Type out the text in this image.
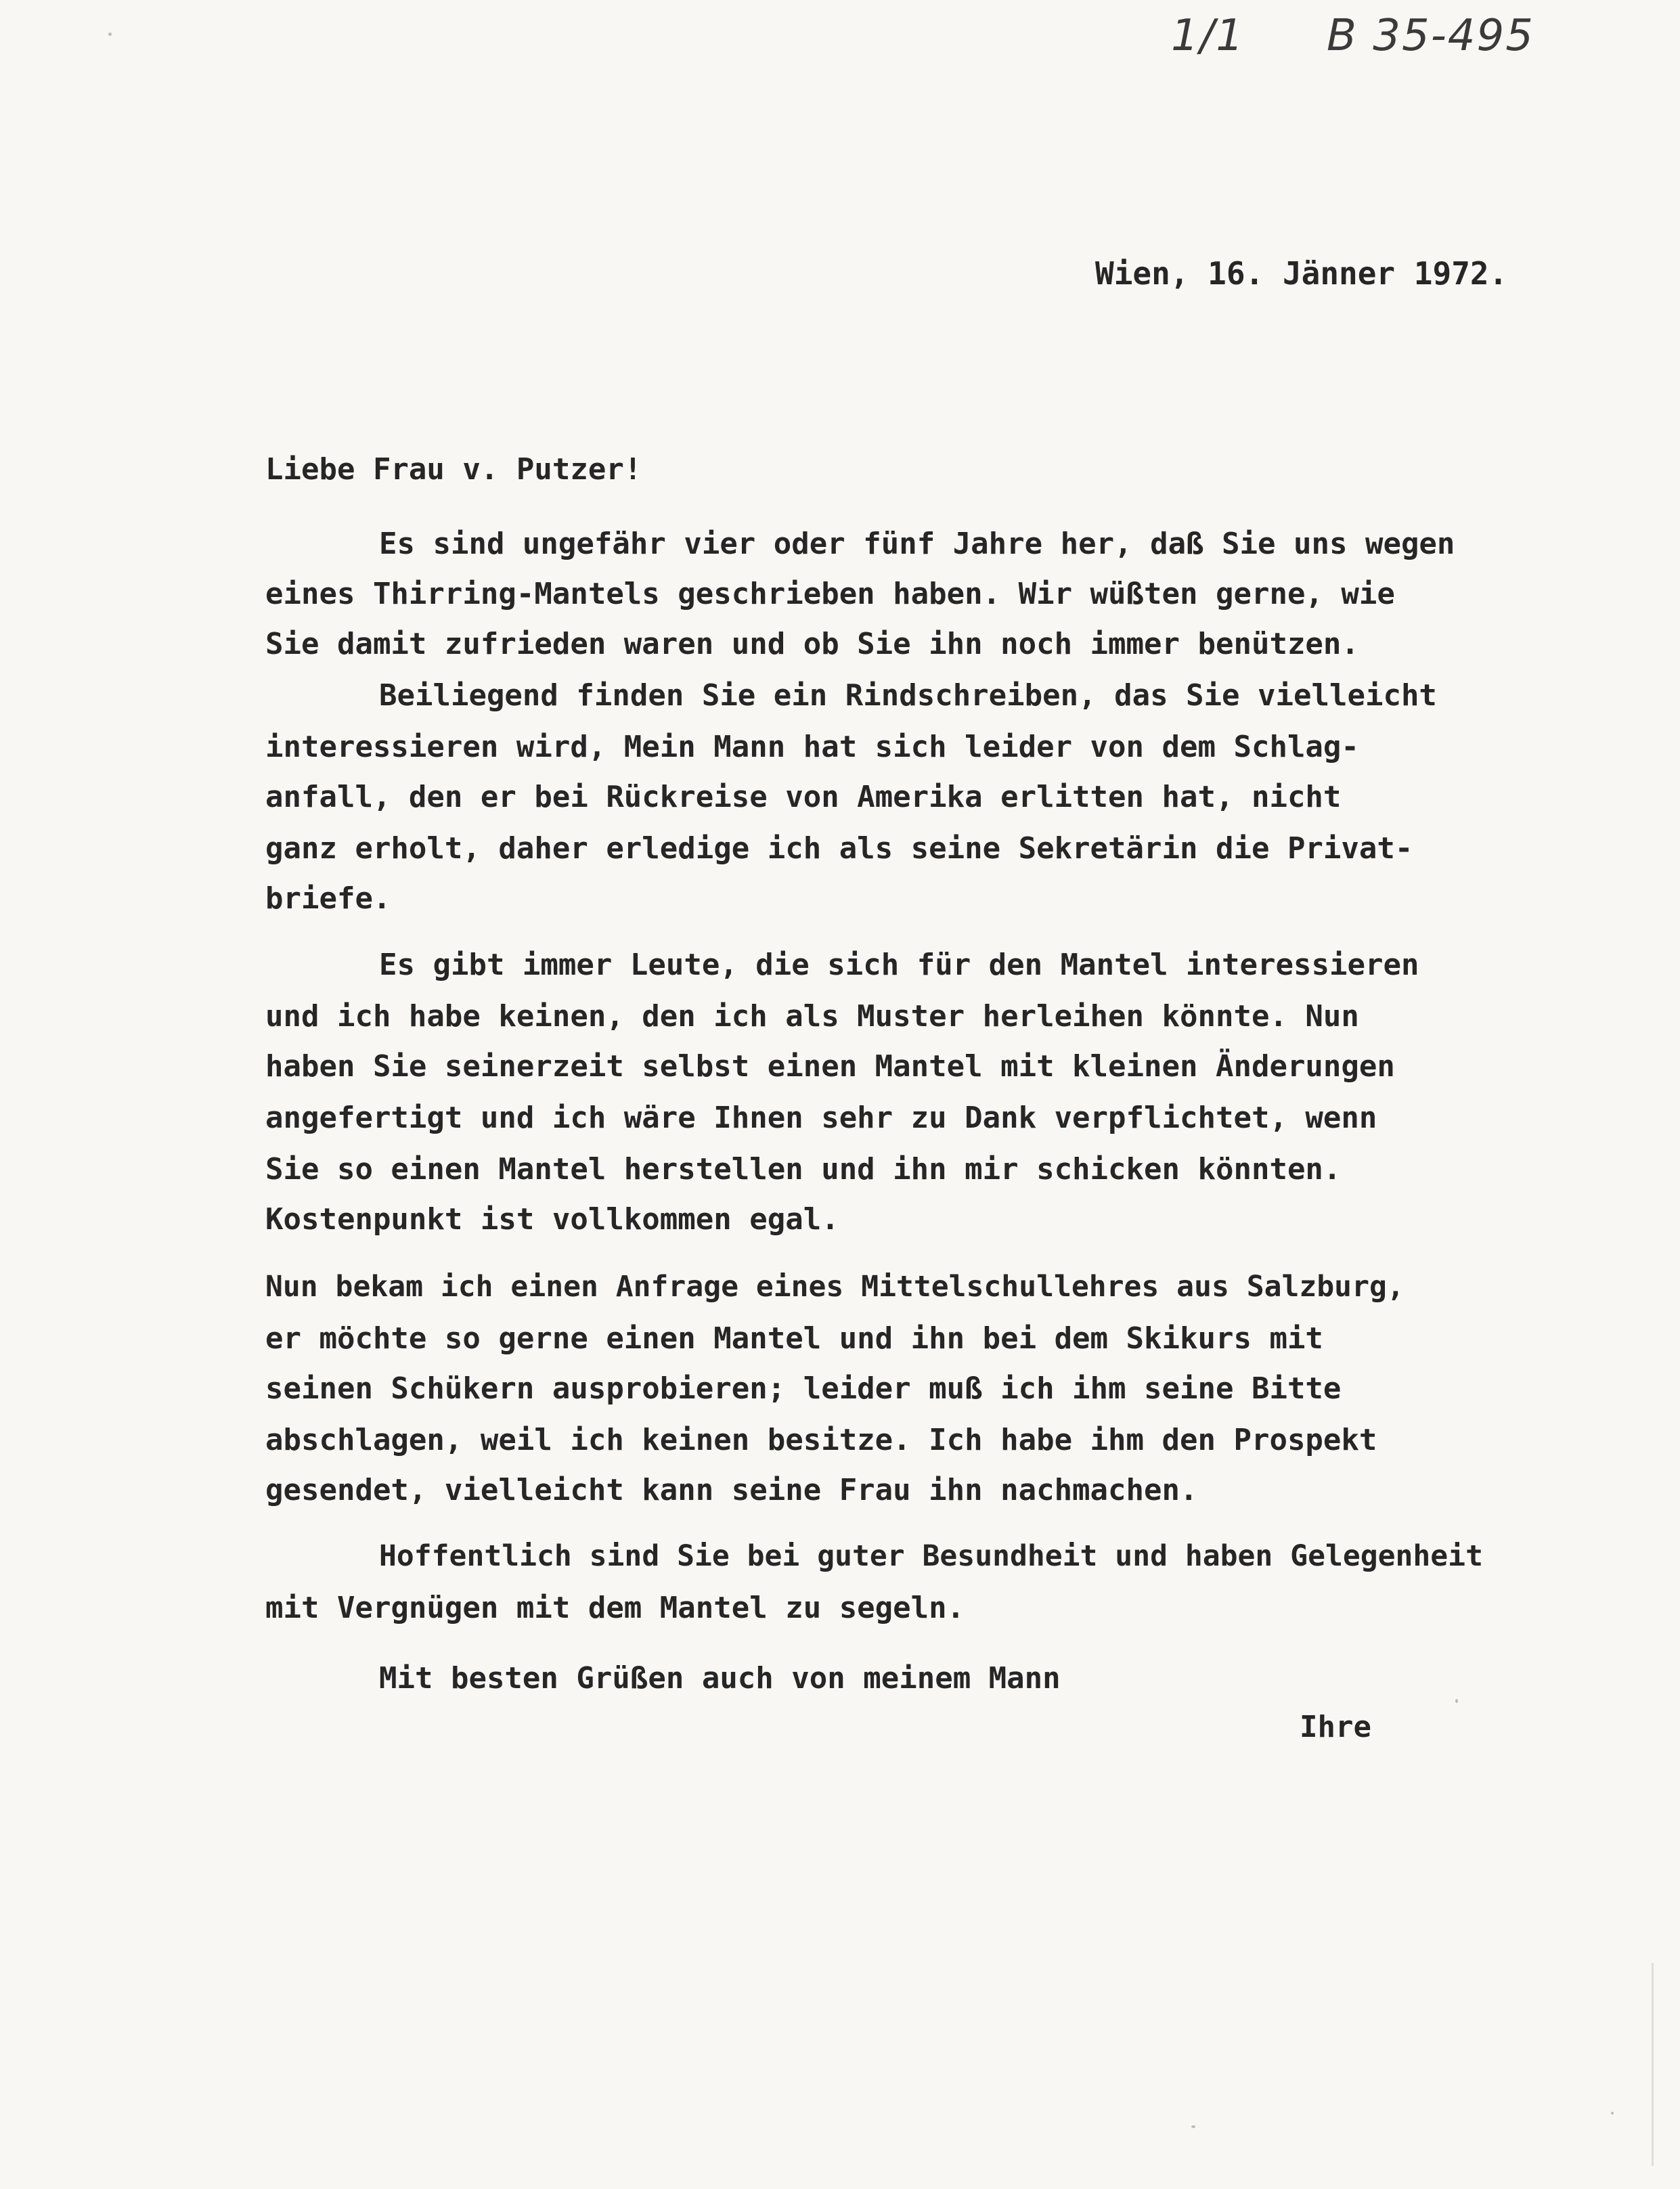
1/1 B 35-495
Wien, 16. Jänner 1972.
Liebe Frau v. Putzer!
Es sind ungefähr vier oder fünf Jahre her, daß Sie uns wegen
eines Thirring-Mantels geschrieben haben. Wir wüßten gerne, wie
Sie damit zufrieden waren und ob Sie ihn noch immer benützen.
Beiliegend finden Sie ein Rindschreiben, das Sie vielleicht
interessieren wird, Mein Mann hat sich leider von dem Schlag-
anfall, den er bei Rückreise von Amerika erlitten hat, nicht
ganz erholt, daher erledige ich als seine Sekretärin die Privat-
briefe.
Es gibt immer Leute, die sich für den Mantel interessieren
und ich habe keinen, den ich als Muster herleihen könnte. Nun
haben Sie seinerzeit selbst einen Mantel mit kleinen Änderungen
angefertigt und ich wäre Ihnen sehr zu Dank verpflichtet, wenn
Sie so einen Mantel herstellen und ihn mir schicken könnten.
Kostenpunkt ist vollkommen egal.
Nun bekam ich einen Anfrage eines Mittelschullehres aus Salzburg,
er möchte so gerne einen Mantel und ihn bei dem Skikurs mit
seinen Schükern ausprobieren; leider muß ich ihm seine Bitte
abschlagen, weil ich keinen besitze. Ich habe ihm den Prospekt
gesendet, vielleicht kann seine Frau ihn nachmachen.
Hoffentlich sind Sie bei guter Besundheit und haben Gelegenheit
mit Vergnügen mit dem Mantel zu segeln.
Mit besten Grüßen auch von meinem Mann
Ihre
